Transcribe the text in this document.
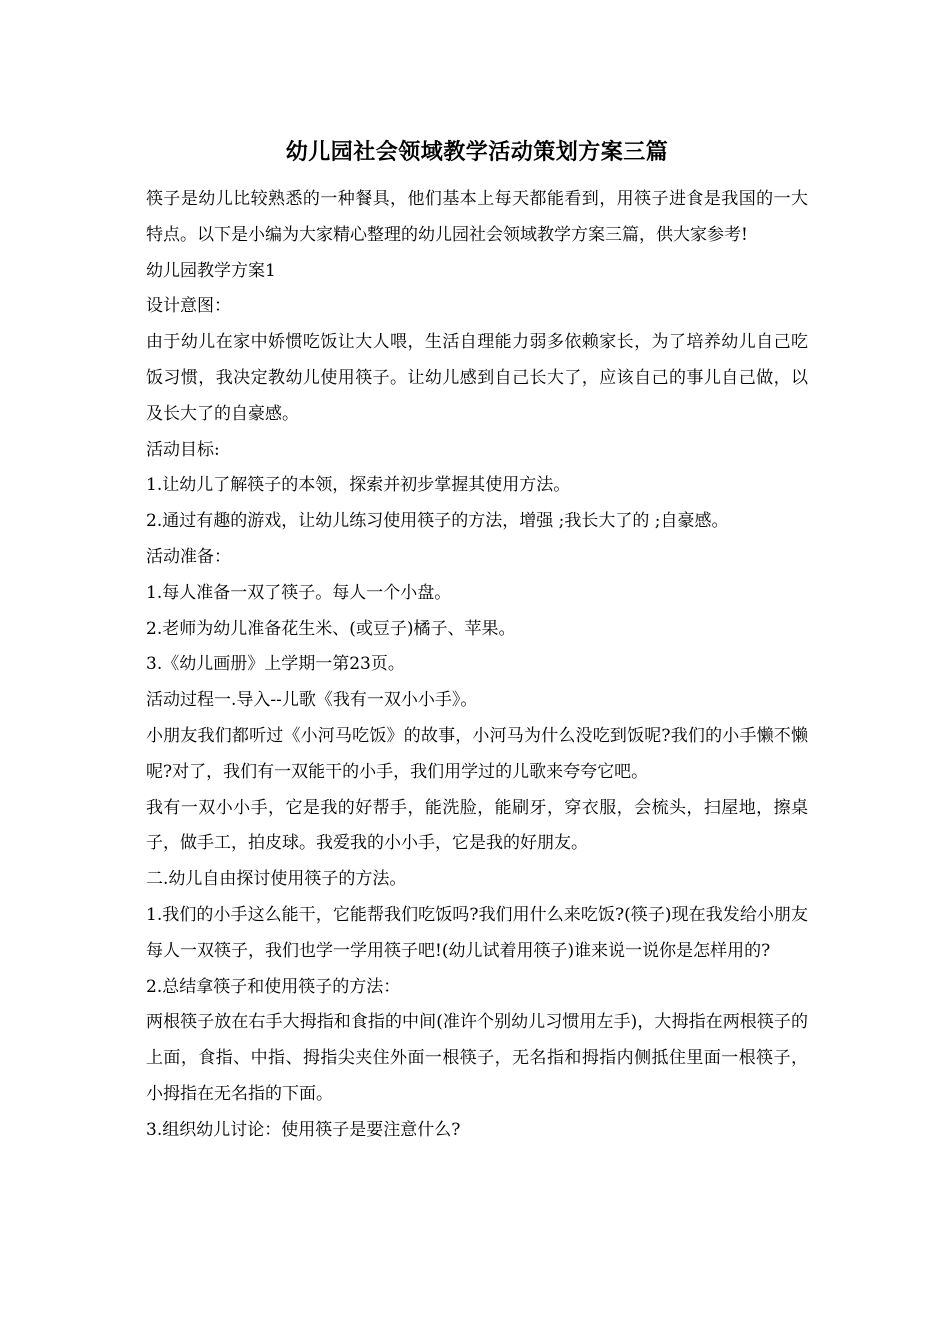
幼儿园社会领域教学活动策划方案三篇

筷子是幼儿比较熟悉的一种餐具，他们基本上每天都能看到，用筷子进食是我国的一大特点。以下是小编为大家精心整理的幼儿园社会领域教学方案三篇，供大家参考!

幼儿园教学方案1

设计意图：

由于幼儿在家中娇惯吃饭让大人喂，生活自理能力弱多依赖家长，为了培养幼儿自己吃饭习惯，我决定教幼儿使用筷子。让幼儿感到自己长大了，应该自己的事儿自己做，以及长大了的自豪感。

活动目标:

1.让幼儿了解筷子的本领，探索并初步掌握其使用方法。

2.通过有趣的游戏，让幼儿练习使用筷子的方法，增强 ;我长大了的 ;自豪感。

活动准备：

1.每人准备一双了筷子。每人一个小盘。

2.老师为幼儿准备花生米、(或豆子)橘子、苹果。

3.《幼儿画册》上学期一第23页。

活动过程一.导入--儿歌《我有一双小小手》。

小朋友我们都听过《小河马吃饭》的故事，小河马为什么没吃到饭呢?我们的小手懒不懒呢?对了，我们有一双能干的小手，我们用学过的儿歌来夸夸它吧。

我有一双小小手，它是我的好帮手，能洗脸，能刷牙，穿衣服，会梳头，扫屋地，擦桌子，做手工，拍皮球。我爱我的小小手，它是我的好朋友。

二.幼儿自由探讨使用筷子的方法。

1.我们的小手这么能干，它能帮我们吃饭吗?我们用什么来吃饭?(筷子)现在我发给小朋友每人一双筷子，我们也学一学用筷子吧!(幼儿试着用筷子)谁来说一说你是怎样用的?

2.总结拿筷子和使用筷子的方法：

两根筷子放在右手大拇指和食指的中间(准许个别幼儿习惯用左手)，大拇指在两根筷子的上面，食指、中指、拇指尖夹住外面一根筷子，无名指和拇指内侧抵住里面一根筷子，小拇指在无名指的下面。

3.组织幼儿讨论：使用筷子是要注意什么?
